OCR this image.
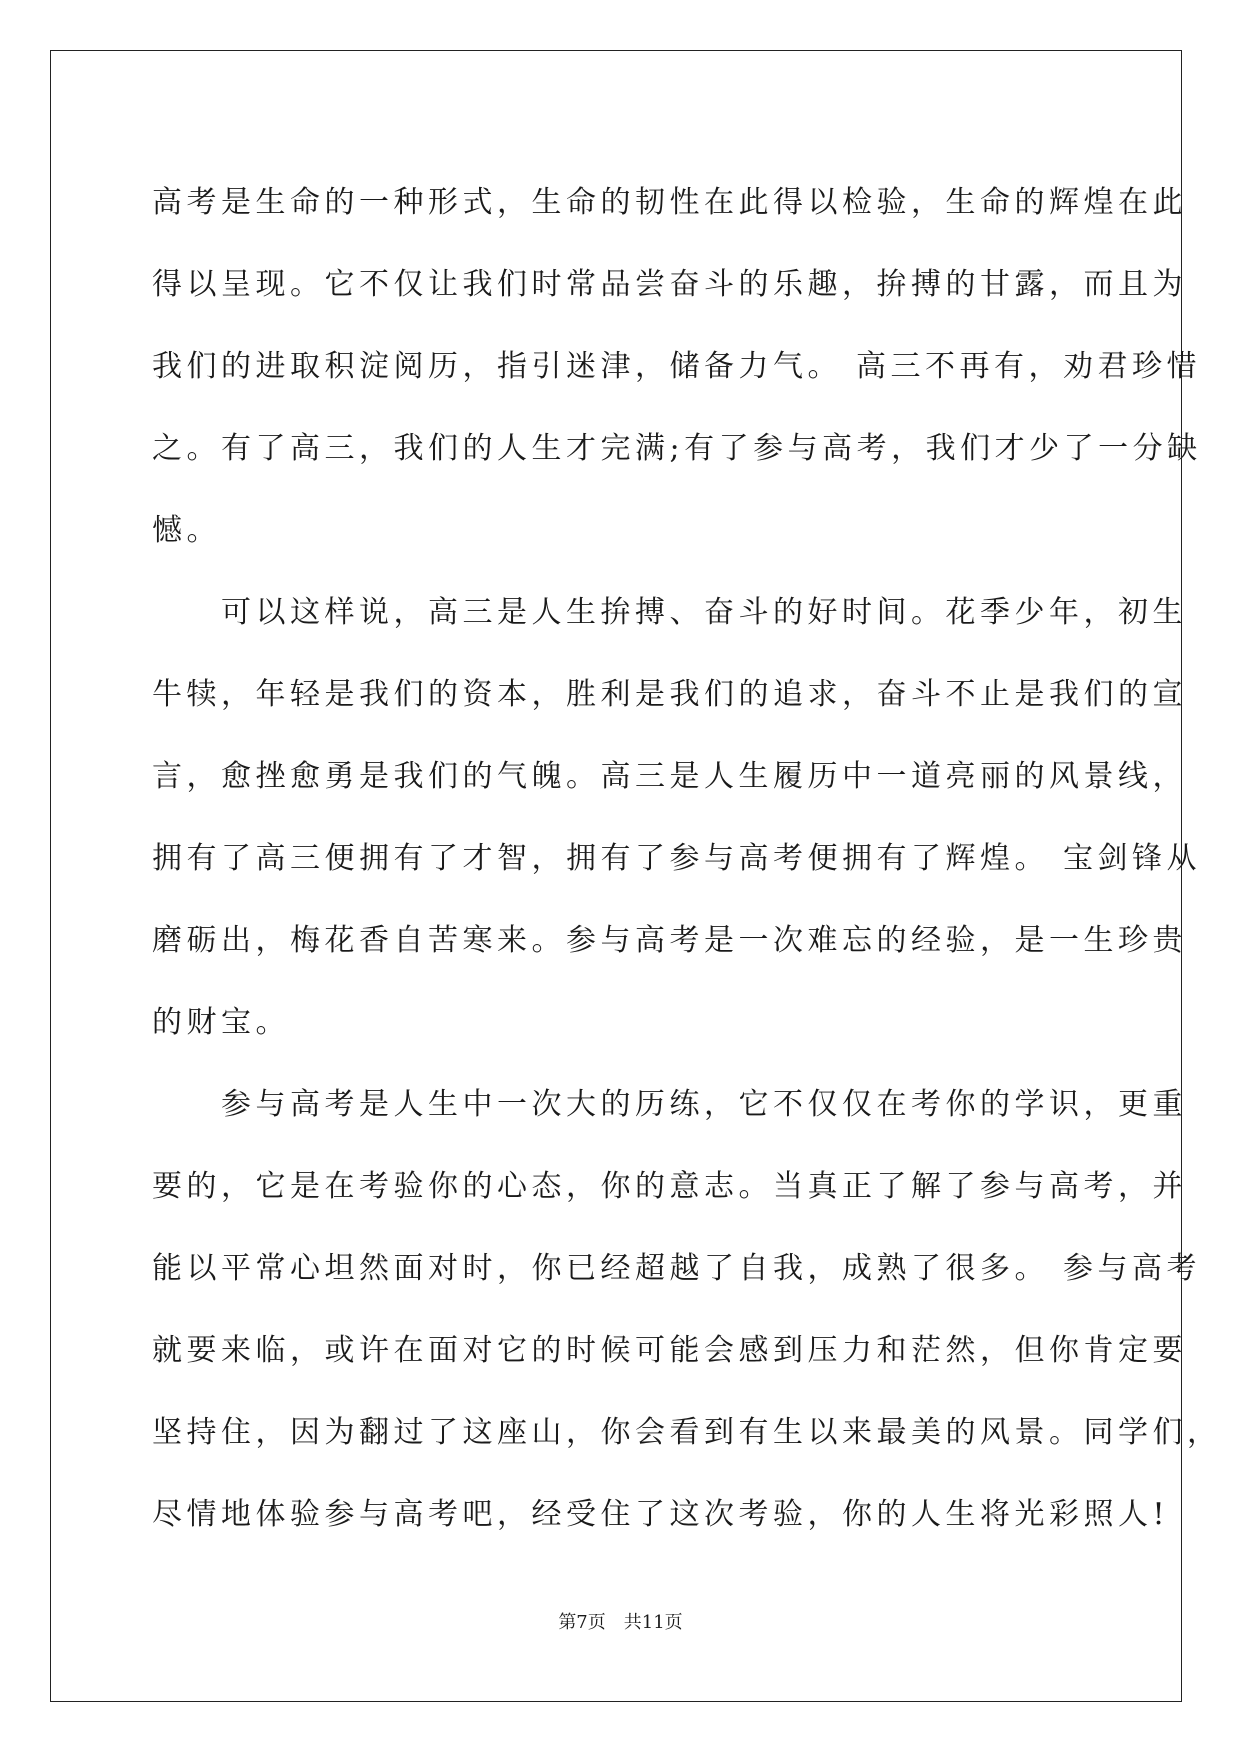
高考是生命的一种形式，生命的韧性在此得以检验，生命的辉煌在此
得以呈现。它不仅让我们时常品尝奋斗的乐趣，拚搏的甘露，而且为
我们的进取积淀阅历，指引迷津，储备力气。 高三不再有，劝君珍惜
之。有了高三，我们的人生才完满;有了参与高考，我们才少了一分缺
憾。
　　可以这样说，高三是人生拚搏、奋斗的好时间。花季少年，初生
牛犊，年轻是我们的资本，胜利是我们的追求，奋斗不止是我们的宣
言，愈挫愈勇是我们的气魄。高三是人生履历中一道亮丽的风景线，
拥有了高三便拥有了才智，拥有了参与高考便拥有了辉煌。 宝剑锋从
磨砺出，梅花香自苦寒来。参与高考是一次难忘的经验，是一生珍贵
的财宝。
　　参与高考是人生中一次大的历练，它不仅仅在考你的学识，更重
要的，它是在考验你的心态，你的意志。当真正了解了参与高考，并
能以平常心坦然面对时，你已经超越了自我，成熟了很多。 参与高考
就要来临，或许在面对它的时候可能会感到压力和茫然，但你肯定要
坚持住，因为翻过了这座山，你会看到有生以来最美的风景。同学们，
尽情地体验参与高考吧，经受住了这次考验，你的人生将光彩照人!
第7页　共11页
